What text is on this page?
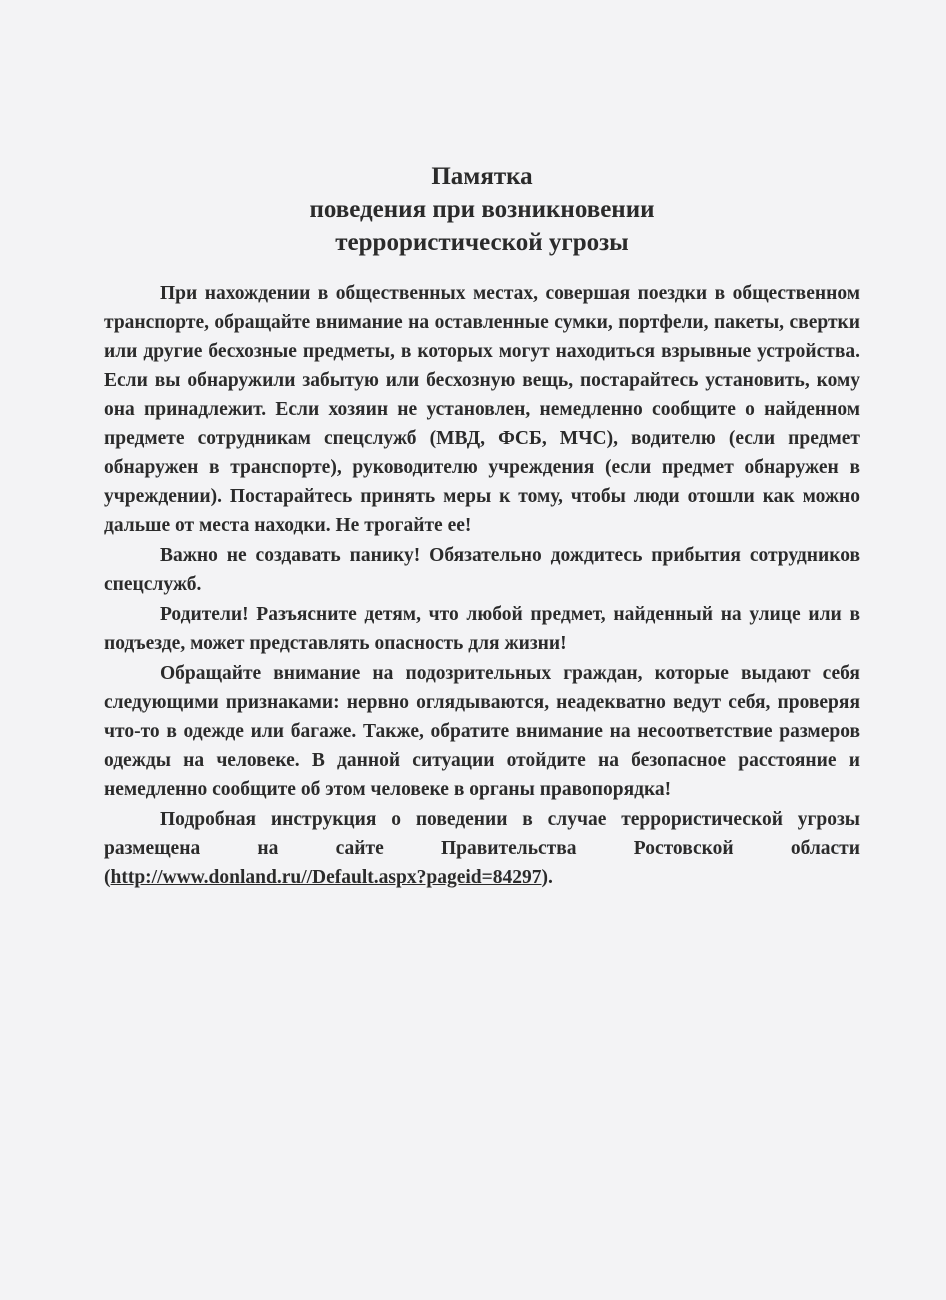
Памятка
поведения при возникновении
террористической угрозы

При нахождении в общественных местах, совершая поездки в общественном транспорте, обращайте внимание на оставленные сумки, портфели, пакеты, свертки или другие бесхозные предметы, в которых могут находиться взрывные устройства. Если вы обнаружили забытую или бесхозную вещь, постарайтесь установить, кому она принадлежит. Если хозяин не установлен, немедленно сообщите о найденном предмете сотрудникам спецслужб (МВД, ФСБ, МЧС), водителю (если предмет обнаружен в транспорте), руководителю учреждения (если предмет обнаружен в учреждении). Постарайтесь принять меры к тому, чтобы люди отошли как можно дальше от места находки. Не трогайте ее!

Важно не создавать панику! Обязательно дождитесь прибытия сотрудников спецслужб.

Родители! Разъясните детям, что любой предмет, найденный на улице или в подъезде, может представлять опасность для жизни!

Обращайте внимание на подозрительных граждан, которые выдают себя следующими признаками: нервно оглядываются, неадекватно ведут себя, проверяя что-то в одежде или багаже. Также, обратите внимание на несоответствие размеров одежды на человеке. В данной ситуации отойдите на безопасное расстояние и немедленно сообщите об этом человеке в органы правопорядка!

Подробная инструкция о поведении в случае террористической угрозы размещена на сайте Правительства Ростовской области (http://www.donland.ru//Default.aspx?pageid=84297).
